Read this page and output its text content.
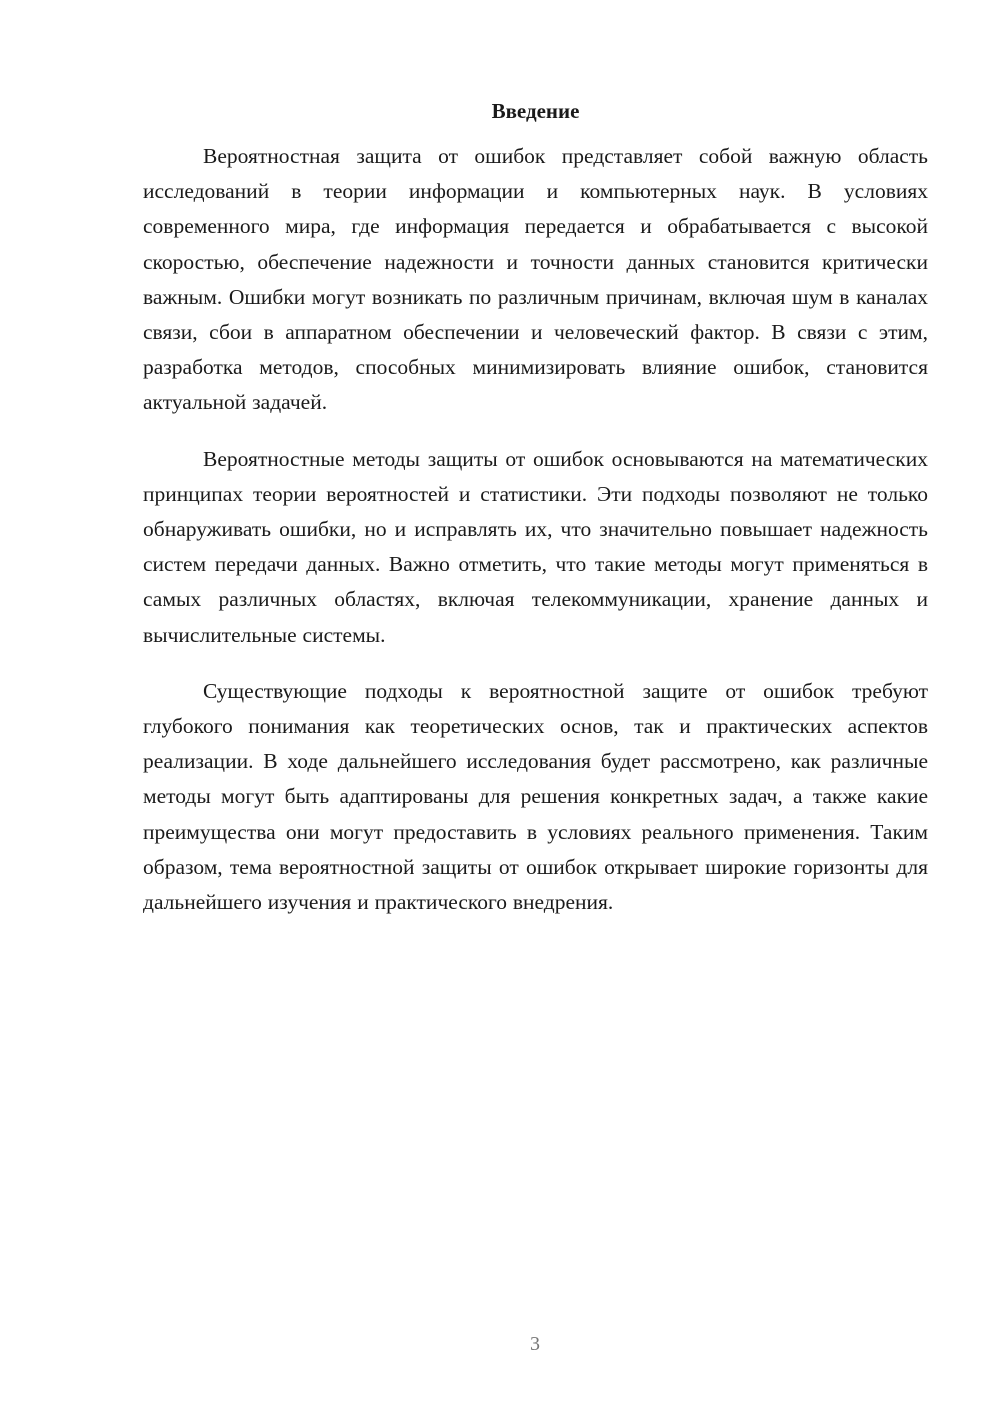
Введение

Вероятностная защита от ошибок представляет собой важную область исследований в теории информации и компьютерных наук. В условиях современного мира, где информация передается и обрабатывается с высокой скоростью, обеспечение надежности и точности данных становится критически важным. Ошибки могут возникать по различным причинам, включая шум в каналах связи, сбои в аппаратном обеспечении и человеческий фактор. В связи с этим, разработка методов, способных минимизировать влияние ошибок, становится актуальной задачей.

Вероятностные методы защиты от ошибок основываются на математических принципах теории вероятностей и статистики. Эти подходы позволяют не только обнаруживать ошибки, но и исправлять их, что значительно повышает надежность систем передачи данных. Важно отметить, что такие методы могут применяться в самых различных областях, включая телекоммуникации, хранение данных и вычислительные системы.

Существующие подходы к вероятностной защите от ошибок требуют глубокого понимания как теоретических основ, так и практических аспектов реализации. В ходе дальнейшего исследования будет рассмотрено, как различные методы могут быть адаптированы для решения конкретных задач, а также какие преимущества они могут предоставить в условиях реального применения. Таким образом, тема вероятностной защиты от ошибок открывает широкие горизонты для дальнейшего изучения и практического внедрения.

3
